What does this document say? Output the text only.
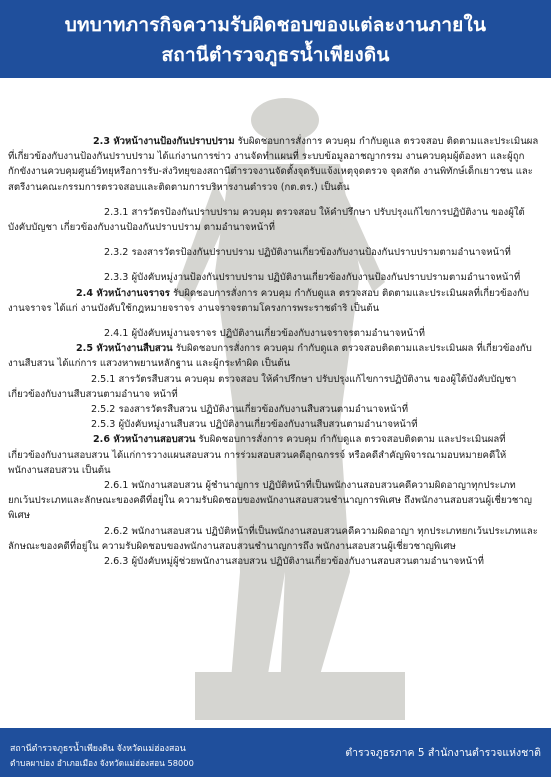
บทบาทภารกิจความรับผิดชอบของแต่ละงานภายใน
สถานีตำรวจภูธรน้ำเพียงดิน

2.3 หัวหน้างานป้องกันปราบปราม รับผิดชอบการสั่งการ ควบคุม กำกับดูแล ตรวจสอบ ติดตามและประเมินผลที่เกี่ยวข้องกับงานป้องกันปราบปราม ได้แก่งานการข่าว งานจัดทำแผนที่ ระบบข้อมูลอาชญากรรม งานควบคุมผู้ต้องหา และผู้ถูกกักขังงานควบคุมศูนย์วิทยุหรือการรับ-ส่งวิทยุของสถานีตำรวจงานจัดตั้งจุดรับแจ้งเหตุจุดตรวจ จุดสกัด งานพิทักษ์เด็กเยาวชน และสตรีงานคณะกรรมการตรวจสอบและติดตามการบริหารงานตำรวจ (กต.ตร.) เป็นต้น

2.3.1 สารวัตรป้องกันปราบปราม ควบคุม ตรวจสอบ ให้คำปรึกษา ปรับปรุงแก้ไขการปฏิบัติงาน ของผู้ใต้บังคับบัญชา เกี่ยวข้องกับงานป้องกันปราบปราม ตามอำนาจหน้าที่

2.3.2 รองสารวัตรป้องกันปราบปราม ปฏิบัติงานเกี่ยวข้องกับงานป้องกันปราบปรามตามอำนาจหน้าที่

2.3.3 ผู้บังคับหมู่งานป้องกันปราบปราม ปฏิบัติงานเกี่ยวข้องกับงานป้องกันปราบปรามตามอำนาจหน้าที่

2.4 หัวหน้างานจราจร รับผิดชอบการสั่งการ ควบคุม กำกับดูแล ตรวจสอบ ติดตามและประเมินผลที่เกี่ยวข้องกับงานจราจร ได้แก่ งานบังคับใช้กฎหมายจราจร งานจราจรตามโครงการพระราชดำริ เป็นต้น

2.4.1 ผู้บังคับหมู่งานจราจร ปฏิบัติงานเกี่ยวข้องกับงานจราจรตามอำนาจหน้าที่

2.5 หัวหน้างานสืบสวน รับผิดชอบการสั่งการ ควบคุม กำกับดูแล ตรวจสอบติดตามและประเมินผล ที่เกี่ยวข้องกับงานสืบสวน ได้แก่การ แสวงหาพยานหลักฐาน และผู้กระทำผิด เป็นต้น

2.5.1 สารวัตรสืบสวน ควบคุม ตรวจสอบ ให้คำปรึกษา ปรับปรุงแก้ไขการปฏิบัติงาน ของผู้ใต้บังคับบัญชา เกี่ยวข้องกับงานสืบสวนตามอำนาจ หน้าที่

2.5.2 รองสารวัตรสืบสวน ปฏิบัติงานเกี่ยวข้องกับงานสืบสวนตามอำนาจหน้าที่

2.5.3 ผู้บังคับหมู่งานสืบสวน ปฏิบัติงานเกี่ยวข้องกับงานสืบสวนตามอำนาจหน้าที่

2.6 หัวหน้างานสอบสวน รับผิดชอบการสั่งการ ควบคุม กำกับดูแล ตรวจสอบติดตาม และประเมินผลที่เกี่ยวข้องกับงานสอบสวน ได้แก่การวางแผนสอบสวน การร่วมสอบสวนคดีอุกฉกรรจ์ หรือคดีสำคัญพิจารณามอบหมายคดีให้พนักงานสอบสวน เป็นต้น

2.6.1 พนักงานสอบสวน ผู้ชำนาญการ ปฏิบัติหน้าที่เป็นพนักงานสอบสวนคดีความผิดอาญาทุกประเภทยกเว้นประเภทและลักษณะของคดีที่อยู่ใน ความรับผิดชอบของพนักงานสอบสวนชำนาญการพิเศษ ถึงพนักงานสอบสวนผู้เชี่ยวชาญพิเศษ

2.6.2 พนักงานสอบสวน ปฏิบัติหน้าที่เป็นพนักงานสอบสวนคดีความผิดอาญา ทุกประเภทยกเว้นประเภทและลักษณะของคดีที่อยู่ใน ความรับผิดชอบของพนักงานสอบสวนชำนาญการถึง พนักงานสอบสวนผู้เชี่ยวชาญพิเศษ

2.6.3 ผู้บังคับหมู่ผู้ช่วยพนักงานสอบสวน ปฏิบัติงานเกี่ยวข้องกับงานสอบสวนตามอำนาจหน้าที่

สถานีตำรวจภูธรน้ำเพียงดิน จังหวัดแม่ฮ่องสอน
ตำบลผาบ่อง อำเภอเมือง จังหวัดแม่ฮ่องสอน 58000
ตำรวจภูธรภาค 5 สำนักงานตำรวจแห่งชาติ
